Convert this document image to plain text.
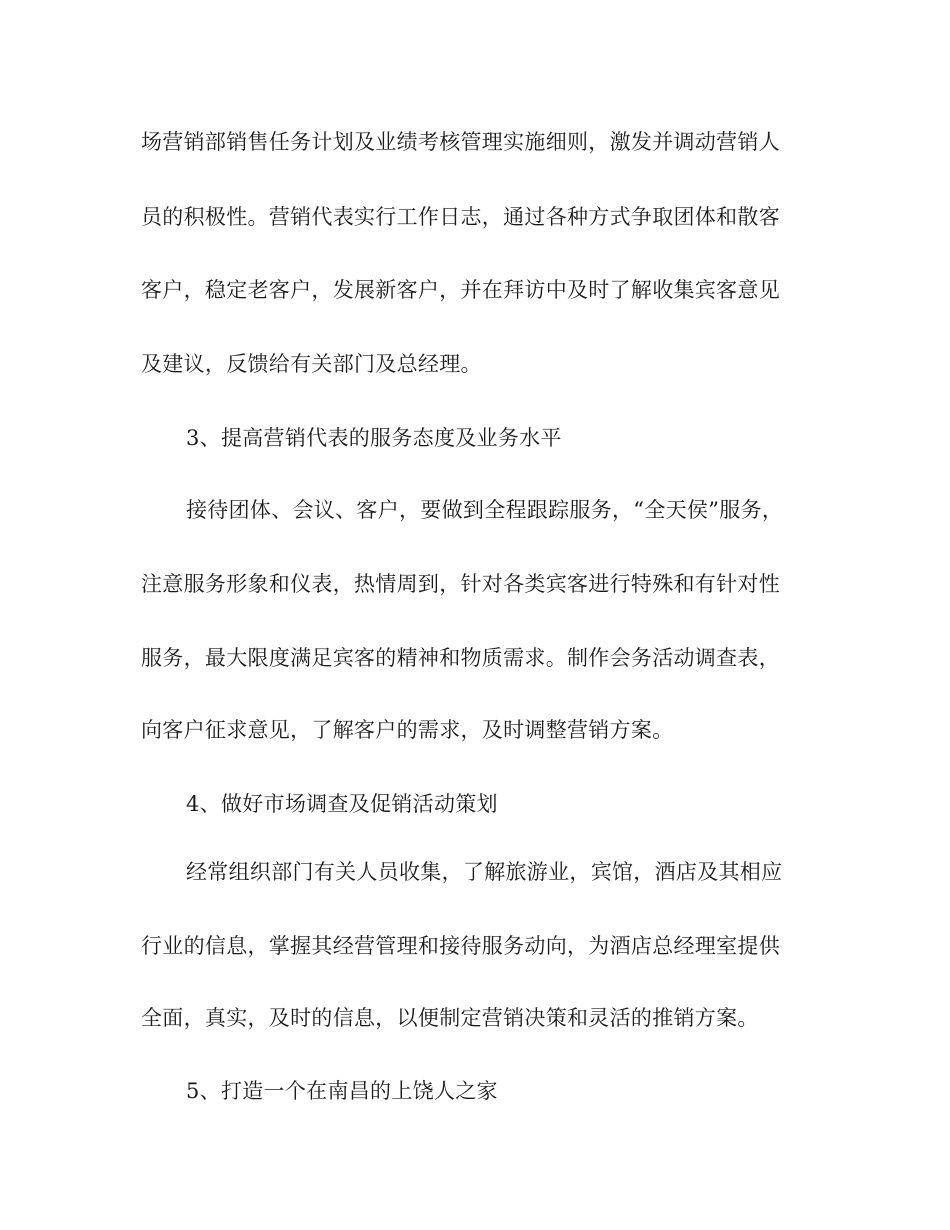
场营销部销售任务计划及业绩考核管理实施细则，激发并调动营销人
员的积极性。营销代表实行工作日志，通过各种方式争取团体和散客
客户，稳定老客户，发展新客户，并在拜访中及时了解收集宾客意见
及建议，反馈给有关部门及总经理。
3、提高营销代表的服务态度及业务水平
接待团体、会议、客户，要做到全程跟踪服务，“全天侯”服务，
注意服务形象和仪表，热情周到，针对各类宾客进行特殊和有针对性
服务，最大限度满足宾客的精神和物质需求。制作会务活动调查表，
向客户征求意见，了解客户的需求，及时调整营销方案。
4、做好市场调查及促销活动策划
经常组织部门有关人员收集，了解旅游业，宾馆，酒店及其相应
行业的信息，掌握其经营管理和接待服务动向，为酒店总经理室提供
全面，真实，及时的信息，以便制定营销决策和灵活的推销方案。
5、打造一个在南昌的上饶人之家
